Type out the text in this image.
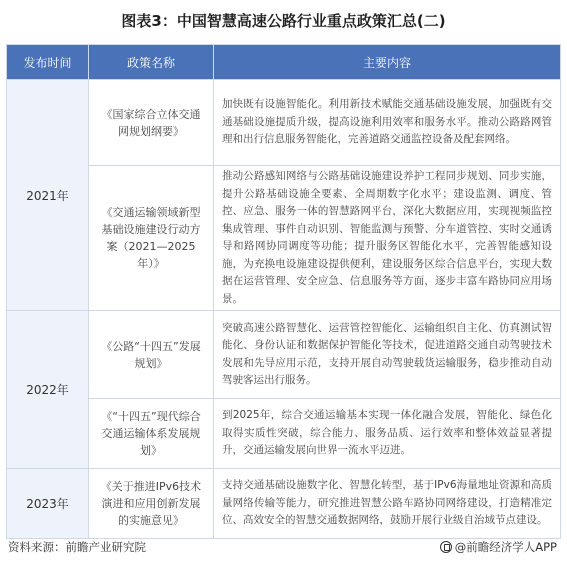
图表3：中国智慧高速公路行业重点政策汇总(二)
发布时间	政策名称	主要内容
2021年	《国家综合立体交通网规划纲要》	加快既有设施智能化。利用新技术赋能交通基础设施发展，加强既有交通基础设施提质升级，提高设施利用效率和服务水平。推动公路路网管理和出行信息服务智能化，完善道路交通监控设备及配套网络。
	《交通运输领域新型基础设施建设行动方案（2021—2025年）》	推动公路感知网络与公路基础设施建设养护工程同步规划、同步实施，提升公路基础设施全要素、全周期数字化水平；建设监测、调度、管控、应急、服务一体的智慧路网平台，深化大数据应用，实现视频监控集成管理、事件自动识别、智能监测与预警、分车道管控、实时交通诱导和路网协同调度等功能；提升服务区智能化水平，完善智能感知设施，为充换电设施建设提供便利，建设服务区综合信息平台，实现大数据在运营管理、安全应急、信息服务等方面，逐步丰富车路协同应用场景。
2022年	《公路“十四五”发展规划》	突破高速公路智慧化、运营管控智能化、运输组织自主化、仿真测试智能化、身份认证和数据保护智能化等技术，促进道路交通自动驾驶技术发展和先导应用示范，支持开展自动驾驶载货运输服务，稳步推动自动驾驶客运出行服务。
	《“十四五”现代综合交通运输体系发展规划》	到2025年，综合交通运输基本实现一体化融合发展，智能化、绿色化取得实质性突破，综合能力、服务品质、运行效率和整体效益显著提升，交通运输发展向世界一流水平迈进。
2023年	《关于推进IPv6技术演进和应用创新发展的实施意见》	支持交通基础设施数字化、智慧化转型，基于IPv6海量地址资源和高质量网络传输等能力，研究推进智慧公路车路协同网络建设，打造精准定位、高效安全的智慧交通数据网络，鼓励开展行业级自治域节点建设。
资料来源：前瞻产业研究院	@前瞻经济学人APP
